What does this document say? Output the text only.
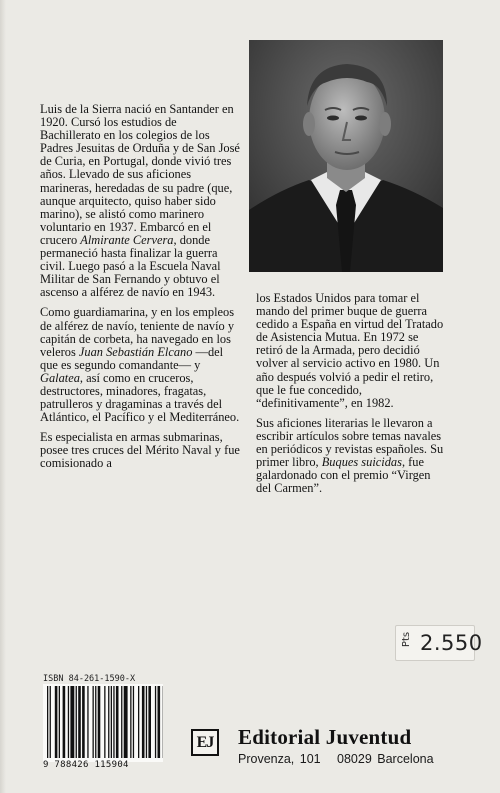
Luis de la Sierra nació en Santander en 1920. Cursó los estudios de Bachillerato en los colegios de los Padres Jesuitas de Orduña y de San José de Curia, en Portugal, donde vivió tres años. Llevado de sus aficiones marineras, heredadas de su padre (que, aunque arquitecto, quiso haber sido marino), se alistó como marinero voluntario en 1937. Embarcó en el crucero Almirante Cervera, donde permaneció hasta finalizar la guerra civil. Luego pasó a la Escuela Naval Militar de San Fernando y obtuvo el ascenso a alférez de navío en 1943.

Como guardiamarina, y en los empleos de alférez de navío, teniente de navío y capitán de corbeta, ha navegado en los veleros Juan Sebastián Elcano —del que es segundo comandante— y Galatea, así como en cruceros, destructores, minadores, fragatas, patrulleros y dragaminas a través del Atlántico, el Pacífico y el Mediterráneo.

Es especialista en armas submarinas, posee tres cruces del Mérito Naval y fue comisionado a

los Estados Unidos para tomar el mando del primer buque de guerra cedido a España en virtud del Tratado de Asistencia Mutua. En 1972 se retiró de la Armada, pero decidió volver al servicio activo en 1980. Un año después volvió a pedir el retiro, que le fue concedido, “definitivamente”, en 1982.

Sus aficiones literarias le llevaron a escribir artículos sobre temas navales en periódicos y revistas españoles. Su primer libro, Buques suicidas, fue galardonado con el premio “Virgen del Carmen”.

Pts 2.550
ISBN 84-261-1590-X
9 788426 115904
EJ Editorial Juventud
Provenza, 101   08029 Barcelona
